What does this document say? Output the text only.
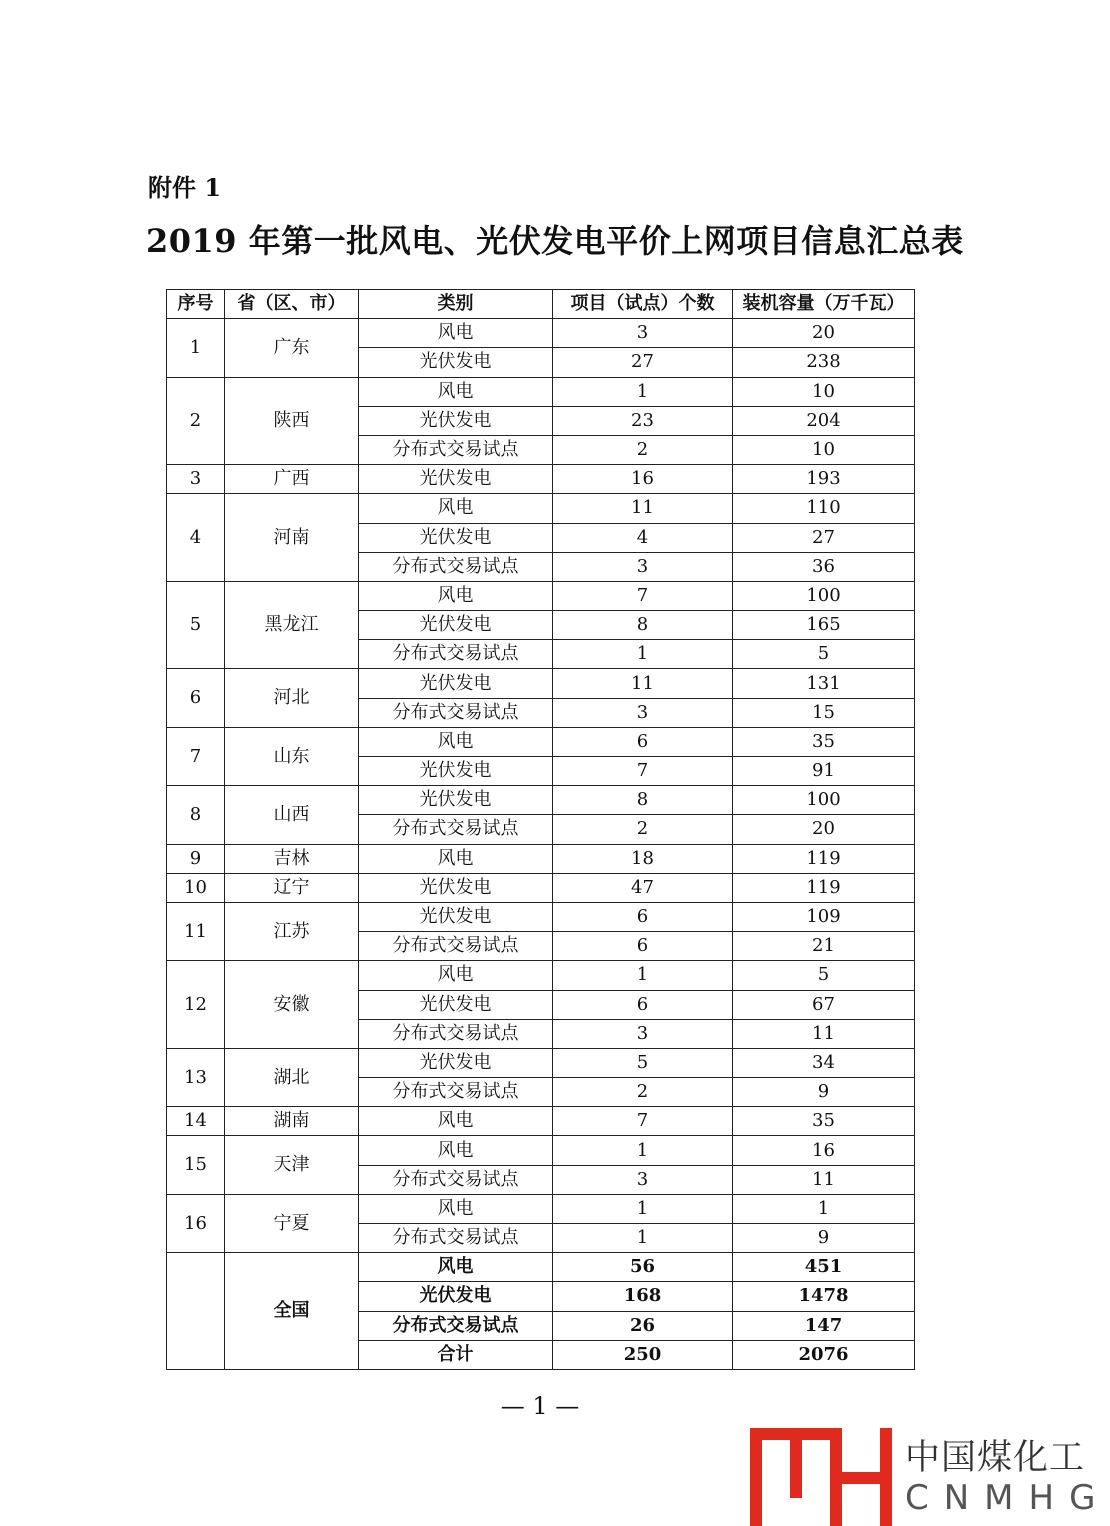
附件 1
2019 年第一批风电、光伏发电平价上网项目信息汇总表
序号	省（区、市）	类别	项目（试点）个数	装机容量（万千瓦）
1	广东	风电	3	20
		光伏发电	27	238
2	陕西	风电	1	10
		光伏发电	23	204
		分布式交易试点	2	10
3	广西	光伏发电	16	193
4	河南	风电	11	110
		光伏发电	4	27
		分布式交易试点	3	36
5	黑龙江	风电	7	100
		光伏发电	8	165
		分布式交易试点	1	5
6	河北	光伏发电	11	131
		分布式交易试点	3	15
7	山东	风电	6	35
		光伏发电	7	91
8	山西	光伏发电	8	100
		分布式交易试点	2	20
9	吉林	风电	18	119
10	辽宁	光伏发电	47	119
11	江苏	光伏发电	6	109
		分布式交易试点	6	21
12	安徽	风电	1	5
		光伏发电	6	67
		分布式交易试点	3	11
13	湖北	光伏发电	5	34
		分布式交易试点	2	9
14	湖南	风电	7	35
15	天津	风电	1	16
		分布式交易试点	3	11
16	宁夏	风电	1	1
		分布式交易试点	1	9
	全国	风电	56	451
		光伏发电	168	1478
		分布式交易试点	26	147
		合计	250	2076
— 1 —
中国煤化工
CNMHG
